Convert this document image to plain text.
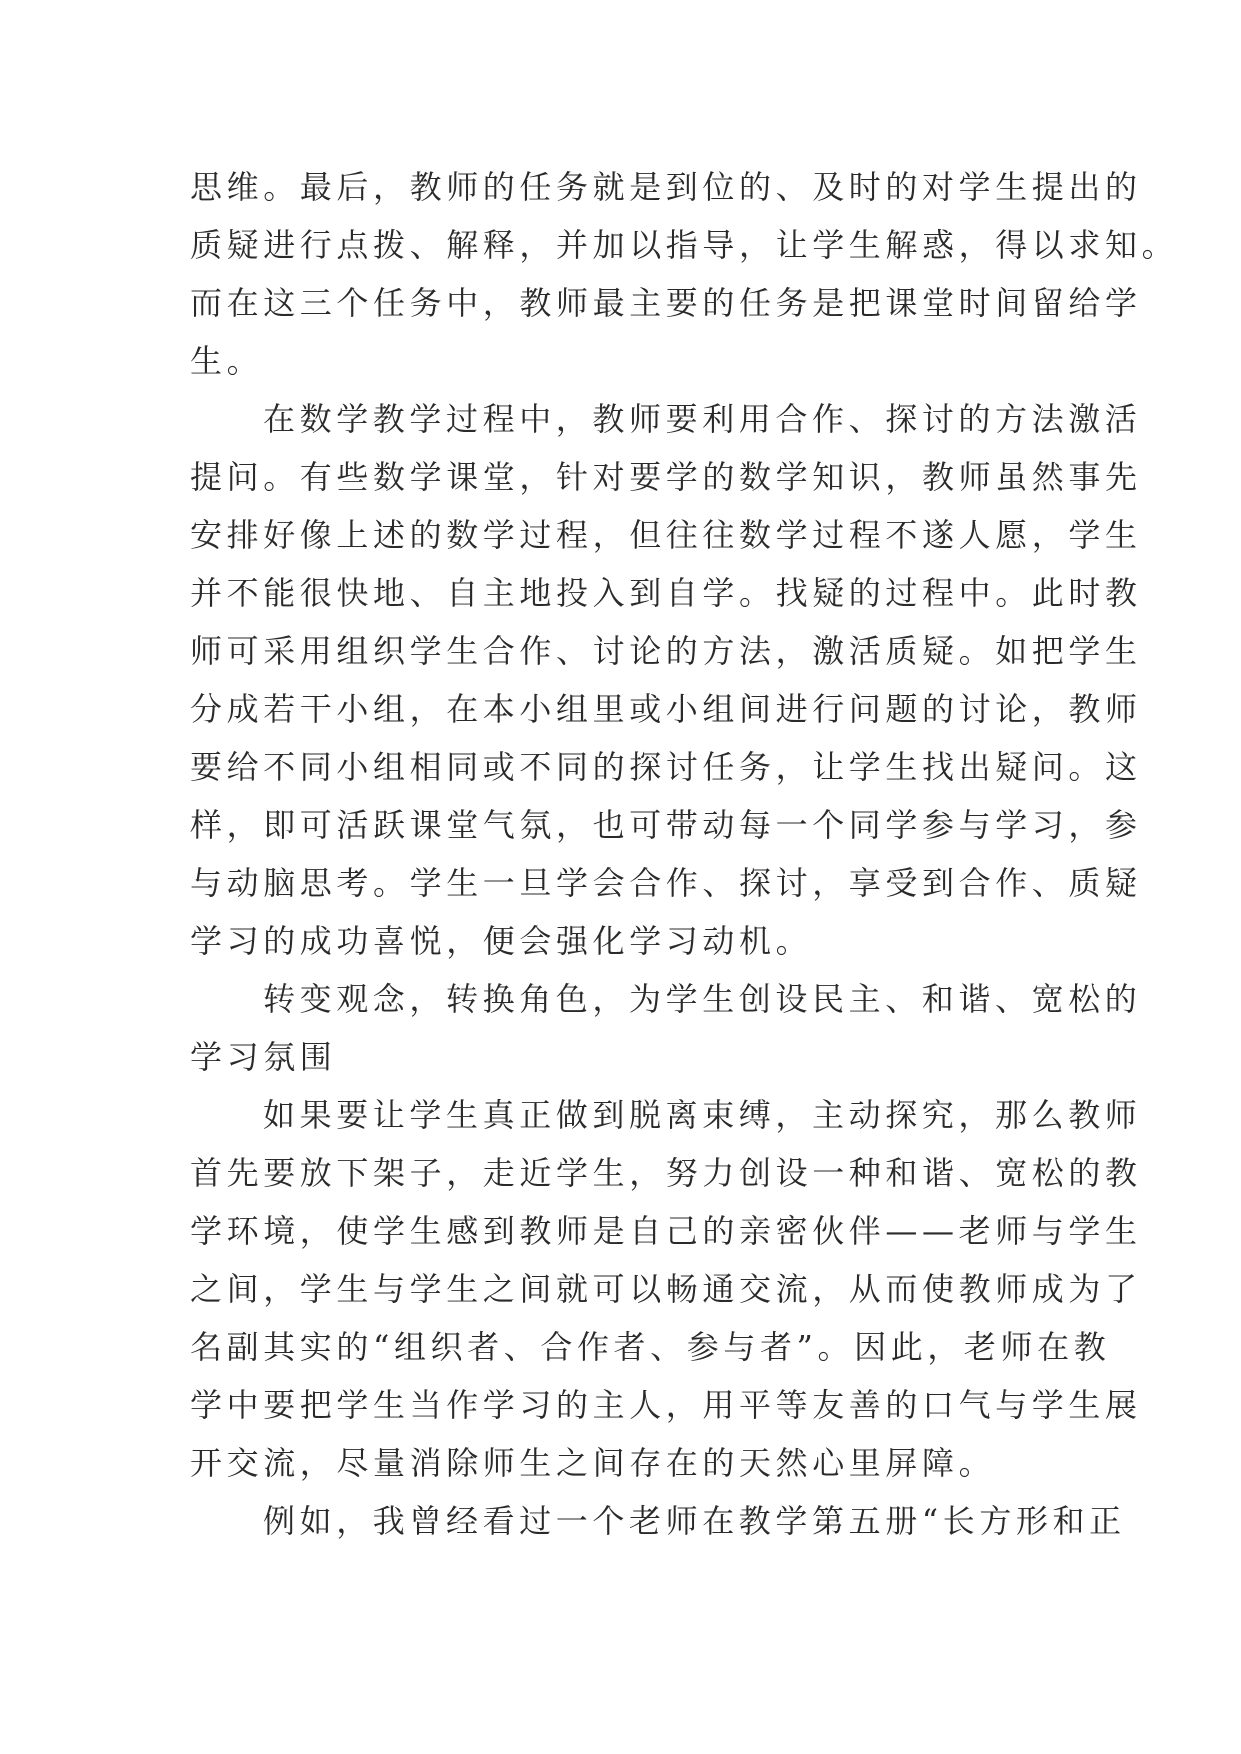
思维。最后，教师的任务就是到位的、及时的对学生提出的
质疑进行点拨、解释，并加以指导，让学生解惑，得以求知。
而在这三个任务中，教师最主要的任务是把课堂时间留给学
生。
在数学教学过程中，教师要利用合作、探讨的方法激活
提问。有些数学课堂，针对要学的数学知识，教师虽然事先
安排好像上述的数学过程，但往往数学过程不遂人愿，学生
并不能很快地、自主地投入到自学。找疑的过程中。此时教
师可采用组织学生合作、讨论的方法，激活质疑。如把学生
分成若干小组，在本小组里或小组间进行问题的讨论，教师
要给不同小组相同或不同的探讨任务，让学生找出疑问。这
样，即可活跃课堂气氛，也可带动每一个同学参与学习，参
与动脑思考。学生一旦学会合作、探讨，享受到合作、质疑
学习的成功喜悦，便会强化学习动机。
转变观念，转换角色，为学生创设民主、和谐、宽松的
学习氛围
如果要让学生真正做到脱离束缚，主动探究，那么教师
首先要放下架子，走近学生，努力创设一种和谐、宽松的教
学环境，使学生感到教师是自己的亲密伙伴——老师与学生
之间，学生与学生之间就可以畅通交流，从而使教师成为了
名副其实的“组织者、合作者、参与者”。因此，老师在教
学中要把学生当作学习的主人，用平等友善的口气与学生展
开交流，尽量消除师生之间存在的天然心里屏障。
例如，我曾经看过一个老师在教学第五册“长方形和正
